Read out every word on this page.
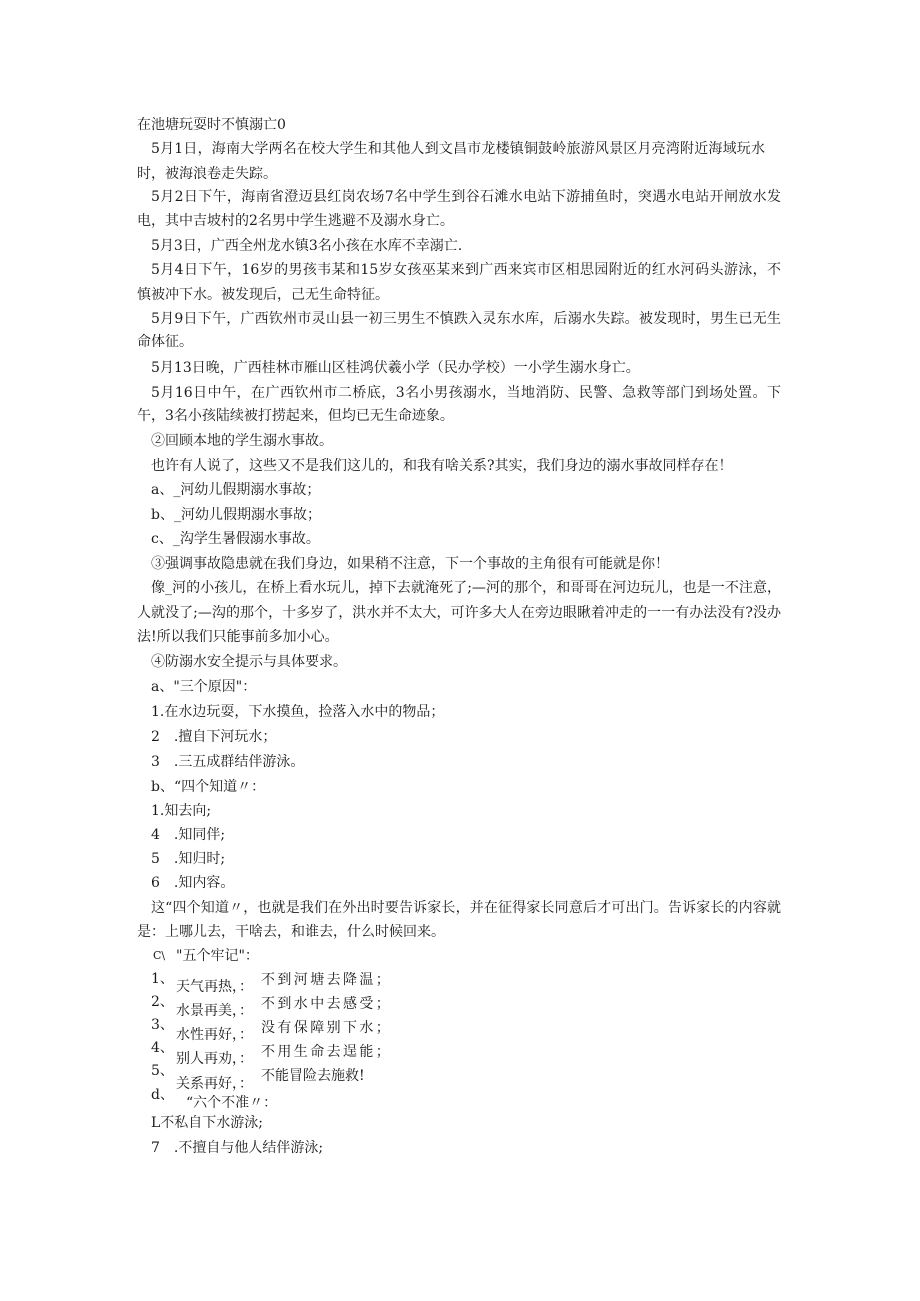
在池塘玩耍时不慎溺亡0
5月1日，海南大学两名在校大学生和其他人到文昌市龙楼镇铜鼓岭旅游风景区月亮湾附近海域玩水
时，被海浪卷走失踪。
5月2日下午，海南省澄迈县红岗农场7名中学生到谷石滩水电站下游捕鱼时，突遇水电站开闸放水发
电，其中吉坡村的2名男中学生逃避不及溺水身亡。
5月3日，广西全州龙水镇3名小孩在水库不幸溺亡.
5月4日下午，16岁的男孩韦某和15岁女孩巫某来到广西来宾市区相思园附近的红水河码头游泳，不
慎被冲下水。被发现后，己无生命特征。
5月9日下午，广西钦州市灵山县一初三男生不慎跌入灵东水库，后溺水失踪。被发现时，男生已无生
命体征。
5月13日晚，广西桂林市雁山区桂鸿伏羲小学（民办学校）一小学生溺水身亡。
5月16日中午，在广西钦州市二桥底，3名小男孩溺水，当地消防、民警、急救等部门到场处置。下
午，3名小孩陆续被打捞起来，但均已无生命迹象。
②回顾本地的学生溺水事故。
也许有人说了，这些又不是我们这儿的，和我有啥关系?其实，我们身边的溺水事故同样存在！
a、_河幼儿假期溺水事故；
b、_河幼儿假期溺水事故；
c、_沟学生暑假溺水事故。
③强调事故隐患就在我们身边，如果稍不注意，下一个事故的主角很有可能就是你！
像_河的小孩儿，在桥上看水玩儿，掉下去就淹死了;—河的那个，和哥哥在河边玩儿，也是一不注意，
人就没了;—沟的那个，十多岁了，洪水并不太大，可许多大人在旁边眼瞅着冲走的一一有办法没有?没办
法!所以我们只能事前多加小心。
④防溺水安全提示与具体要求。
a、"三个原因"：
1.在水边玩耍，下水摸鱼，捡落入水中的物品；
2　.擅自下河玩水；
3　.三五成群结伴游泳。
b、“四个知道〃：
1.知去向;
4　.知同伴;
5　.知归时;
6　.知内容。
这“四个知道〃，也就是我们在外出时要告诉家长，并在征得家长同意后才可出门。告诉家长的内容就
是：上哪儿去，干啥去，和谁去，什么时候回来。
C\ "五个牢记"：
1、
2、
3、
4、
5、
天气再热，：
水景再美，：
水性再好，：
别人再劝，：
关系再好，：
不到河塘去降温；
不到水中去感受；
没有保障别下水；
不用生命去逞能；
不能冒险去施救!
d、 “六个不准〃：
L不私自下水游泳;
7　.不擅自与他人结伴游泳;
